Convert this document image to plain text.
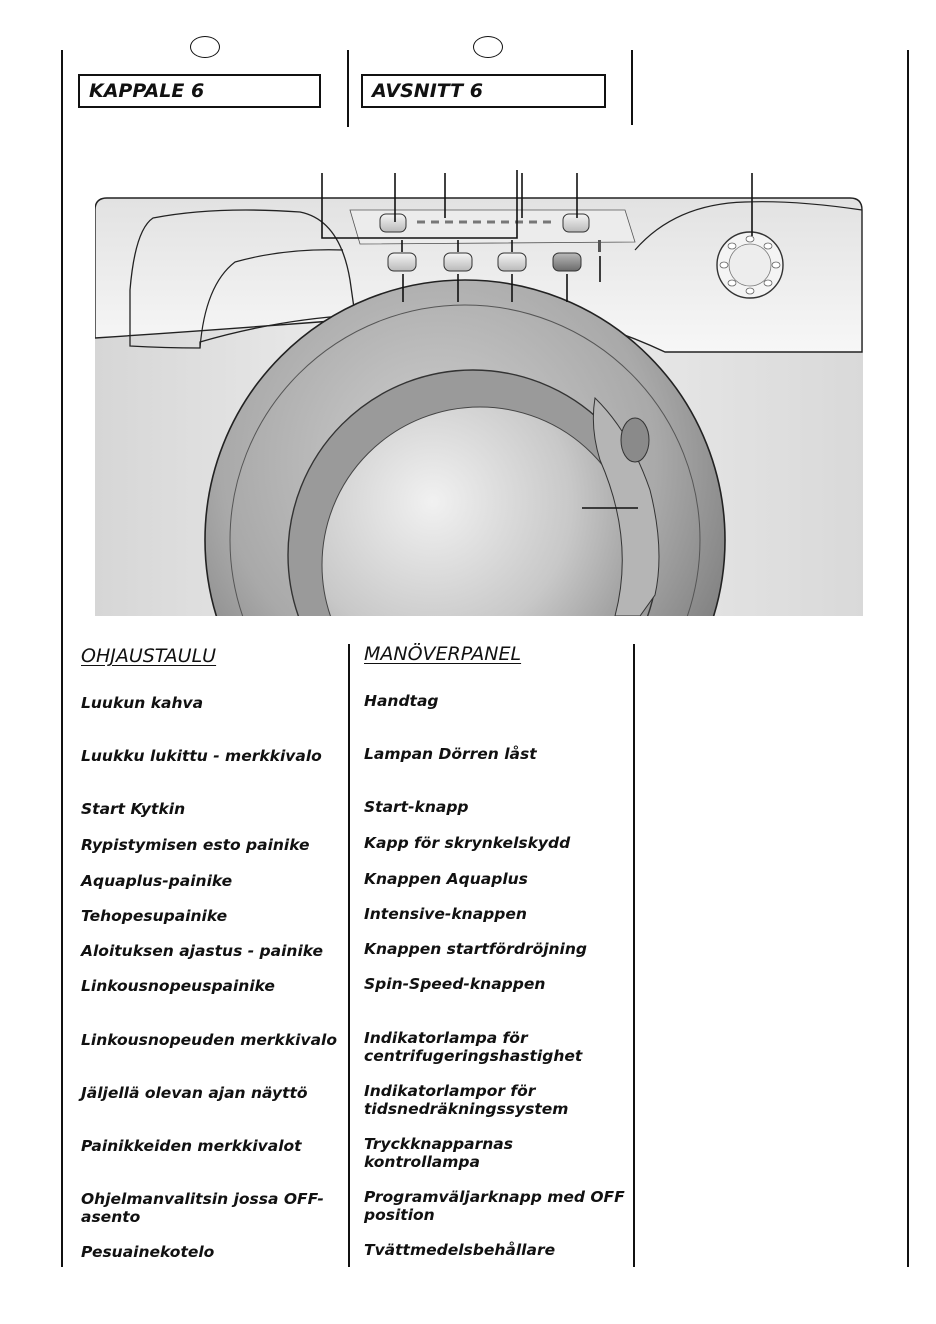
KAPPALE 6	AVSNITT 6
OHJAUSTAULU	MANÖVERPANEL
Luukun kahva
Luukku lukittu - merkkivalo
Start Kytkin
Rypistymisen esto painike
Aquaplus-painike
Tehopesupainike
Aloituksen ajastus - painike
Linkousnopeuspainike
Linkousnopeuden merkkivalo
Jäljellä olevan ajan näyttö
Painikkeiden merkkivalot
Ohjelmanvalitsin jossa OFF-asento
Pesuainekotelo
Handtag
Lampan Dörren låst
Start-knapp
Kapp för skrynkelskydd
Knappen Aquaplus
Intensive-knappen
Knappen startfördröjning
Spin-Speed-knappen
Indikatorlampa för centrifugeringshastighet
Indikatorlampor för tidsnedräkningssystem
Tryckknapparnas kontrollampa
Programväljarknapp med OFF position
Tvättmedelsbehållare
